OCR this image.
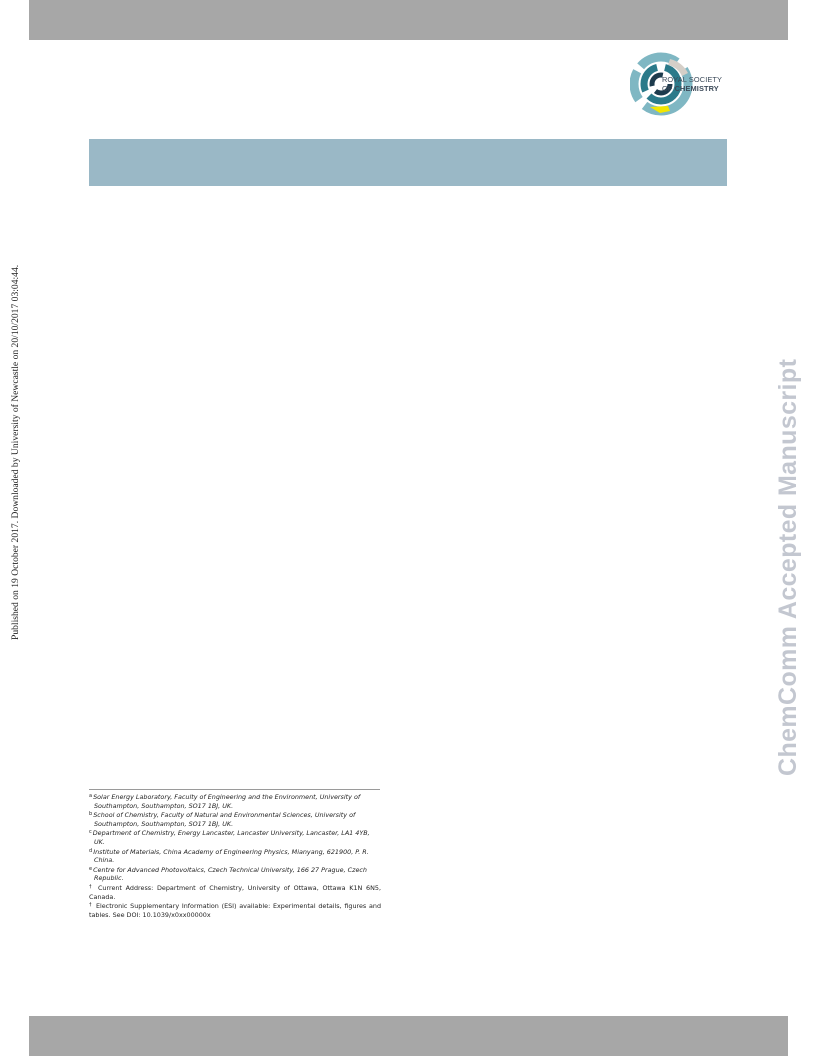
ROYAL SOCIETY
OF CHEMISTRY
Published on 19 October 2017. Downloaded by University of Newcastle on 20/10/2017 03:04:44.	ChemComm Accepted Manuscript

$^a$Solar Energy Laboratory, Faculty of Engineering and the Environment, University of Southampton, Southampton, SO17 1BJ, UK.

$^b$School of Chemistry, Faculty of Natural and Environmental Sciences, University of Southampton, Southampton, SO17 1BJ, UK.

$^c$Department of Chemistry, Energy Lancaster, Lancaster University, Lancaster, LA1 4YB, UK.

$^d$Institute of Materials, China Academy of Engineering Physics, Mianyang, 621900, P. R. China.

$^e$Centre for Advanced Photovoltaics, Czech Technical University, 166 27 Prague, Czech Republic.

† Current Address: Department of Chemistry, University of Ottawa, Ottawa K1N 6N5, Canada.

† Electronic Supplementary Information (ESI) available: Experimental details, figures and tables. See DOI: 10.1039/x0xx00000x
